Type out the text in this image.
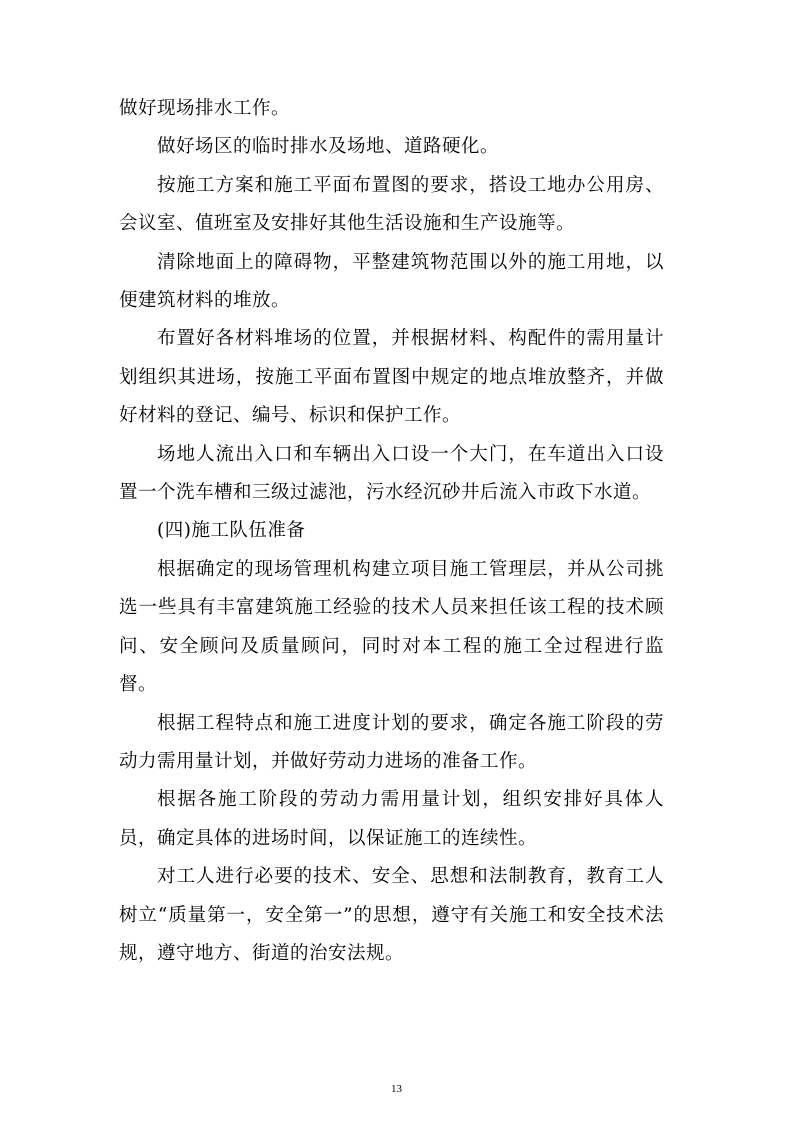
做好现场排水工作。

做好场区的临时排水及场地、道路硬化。

按施工方案和施工平面布置图的要求，搭设工地办公用房、会议室、值班室及安排好其他生活设施和生产设施等。

清除地面上的障碍物，平整建筑物范围以外的施工用地，以便建筑材料的堆放。

布置好各材料堆场的位置，并根据材料、构配件的需用量计划组织其进场，按施工平面布置图中规定的地点堆放整齐，并做好材料的登记、编号、标识和保护工作。

场地人流出入口和车辆出入口设一个大门，在车道出入口设置一个洗车槽和三级过滤池，污水经沉砂井后流入市政下水道。

(四)施工队伍准备

根据确定的现场管理机构建立项目施工管理层，并从公司挑选一些具有丰富建筑施工经验的技术人员来担任该工程的技术顾问、安全顾问及质量顾问，同时对本工程的施工全过程进行监督。

根据工程特点和施工进度计划的要求，确定各施工阶段的劳动力需用量计划，并做好劳动力进场的准备工作。

根据各施工阶段的劳动力需用量计划，组织安排好具体人员，确定具体的进场时间，以保证施工的连续性。

对工人进行必要的技术、安全、思想和法制教育，教育工人树立“质量第一，安全第一”的思想，遵守有关施工和安全技术法规，遵守地方、街道的治安法规。

13
